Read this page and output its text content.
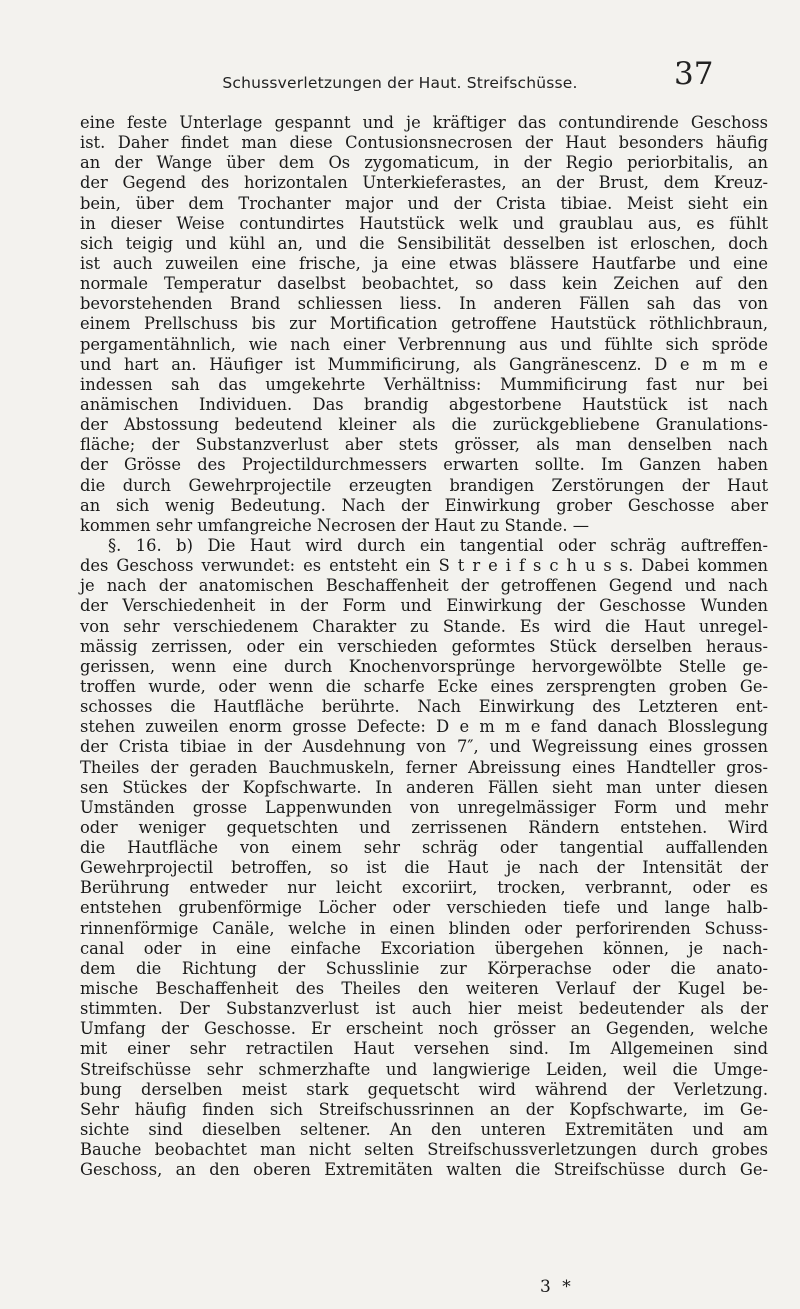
Schussverletzungen der Haut. Streifschüsse.	37
eine feste Unterlage gespannt und je kräftiger das contundirende Geschoss
ist. Daher findet man diese Contusionsnecrosen der Haut besonders häufig
an der Wange über dem Os zygomaticum, in der Regio periorbitalis, an
der Gegend des horizontalen Unterkieferastes, an der Brust, dem Kreuz-
bein, über dem Trochanter major und der Crista tibiae. Meist sieht ein
in dieser Weise contundirtes Hautstück welk und graublau aus, es fühlt
sich teigig und kühl an, und die Sensibilität desselben ist erloschen, doch
ist auch zuweilen eine frische, ja eine etwas blässere Hautfarbe und eine
normale Temperatur daselbst beobachtet, so dass kein Zeichen auf den
bevorstehenden Brand schliessen liess. In anderen Fällen sah das von
einem Prellschuss bis zur Mortification getroffene Hautstück röthlichbraun,
pergamentähnlich, wie nach einer Verbrennung aus und fühlte sich spröde
und hart an. Häufiger ist Mummificirung, als Gangränescenz. D e m m e
indessen sah das umgekehrte Verhältniss: Mummificirung fast nur bei
anämischen Individuen. Das brandig abgestorbene Hautstück ist nach
der Abstossung bedeutend kleiner als die zurückgebliebene Granulations-
fläche; der Substanzverlust aber stets grösser, als man denselben nach
der Grösse des Projectildurchmessers erwarten sollte. Im Ganzen haben
die durch Gewehrprojectile erzeugten brandigen Zerstörungen der Haut
an sich wenig Bedeutung. Nach der Einwirkung grober Geschosse aber
kommen sehr umfangreiche Necrosen der Haut zu Stande. —
§. 16. b) Die Haut wird durch ein tangential oder schräg auftreffen-
des Geschoss verwundet: es entsteht ein S t r e i f s c h u s s. Dabei kommen
je nach der anatomischen Beschaffenheit der getroffenen Gegend und nach
der Verschiedenheit in der Form und Einwirkung der Geschosse Wunden
von sehr verschiedenem Charakter zu Stande. Es wird die Haut unregel-
mässig zerrissen, oder ein verschieden geformtes Stück derselben heraus-
gerissen, wenn eine durch Knochenvorsprünge hervorgewölbte Stelle ge-
troffen wurde, oder wenn die scharfe Ecke eines zersprengten groben Ge-
schosses die Hautfläche berührte. Nach Einwirkung des Letzteren ent-
stehen zuweilen enorm grosse Defecte: D e m m e fand danach Blosslegung
der Crista tibiae in der Ausdehnung von 7″, und Wegreissung eines grossen
Theiles der geraden Bauchmuskeln, ferner Abreissung eines Handteller gros-
sen Stückes der Kopfschwarte. In anderen Fällen sieht man unter diesen
Umständen grosse Lappenwunden von unregelmässiger Form und mehr
oder weniger gequetschten und zerrissenen Rändern entstehen. Wird
die Hautfläche von einem sehr schräg oder tangential auffallenden
Gewehrprojectil betroffen, so ist die Haut je nach der Intensität der
Berührung entweder nur leicht excoriirt, trocken, verbrannt, oder es
entstehen grubenförmige Löcher oder verschieden tiefe und lange halb-
rinnenförmige Canäle, welche in einen blinden oder perforirenden Schuss-
canal oder in eine einfache Excoriation übergehen können, je nach-
dem die Richtung der Schusslinie zur Körperachse oder die anato-
mische Beschaffenheit des Theiles den weiteren Verlauf der Kugel be-
stimmten. Der Substanzverlust ist auch hier meist bedeutender als der
Umfang der Geschosse. Er erscheint noch grösser an Gegenden, welche
mit einer sehr retractilen Haut versehen sind. Im Allgemeinen sind
Streifschüsse sehr schmerzhafte und langwierige Leiden, weil die Umge-
bung derselben meist stark gequetscht wird während der Verletzung.
Sehr häufig finden sich Streifschussrinnen an der Kopfschwarte, im Ge-
sichte sind dieselben seltener. An den unteren Extremitäten und am
Bauche beobachtet man nicht selten Streifschussverletzungen durch grobes
Geschoss, an den oberen Extremitäten walten die Streifschüsse durch Ge-
3 *
